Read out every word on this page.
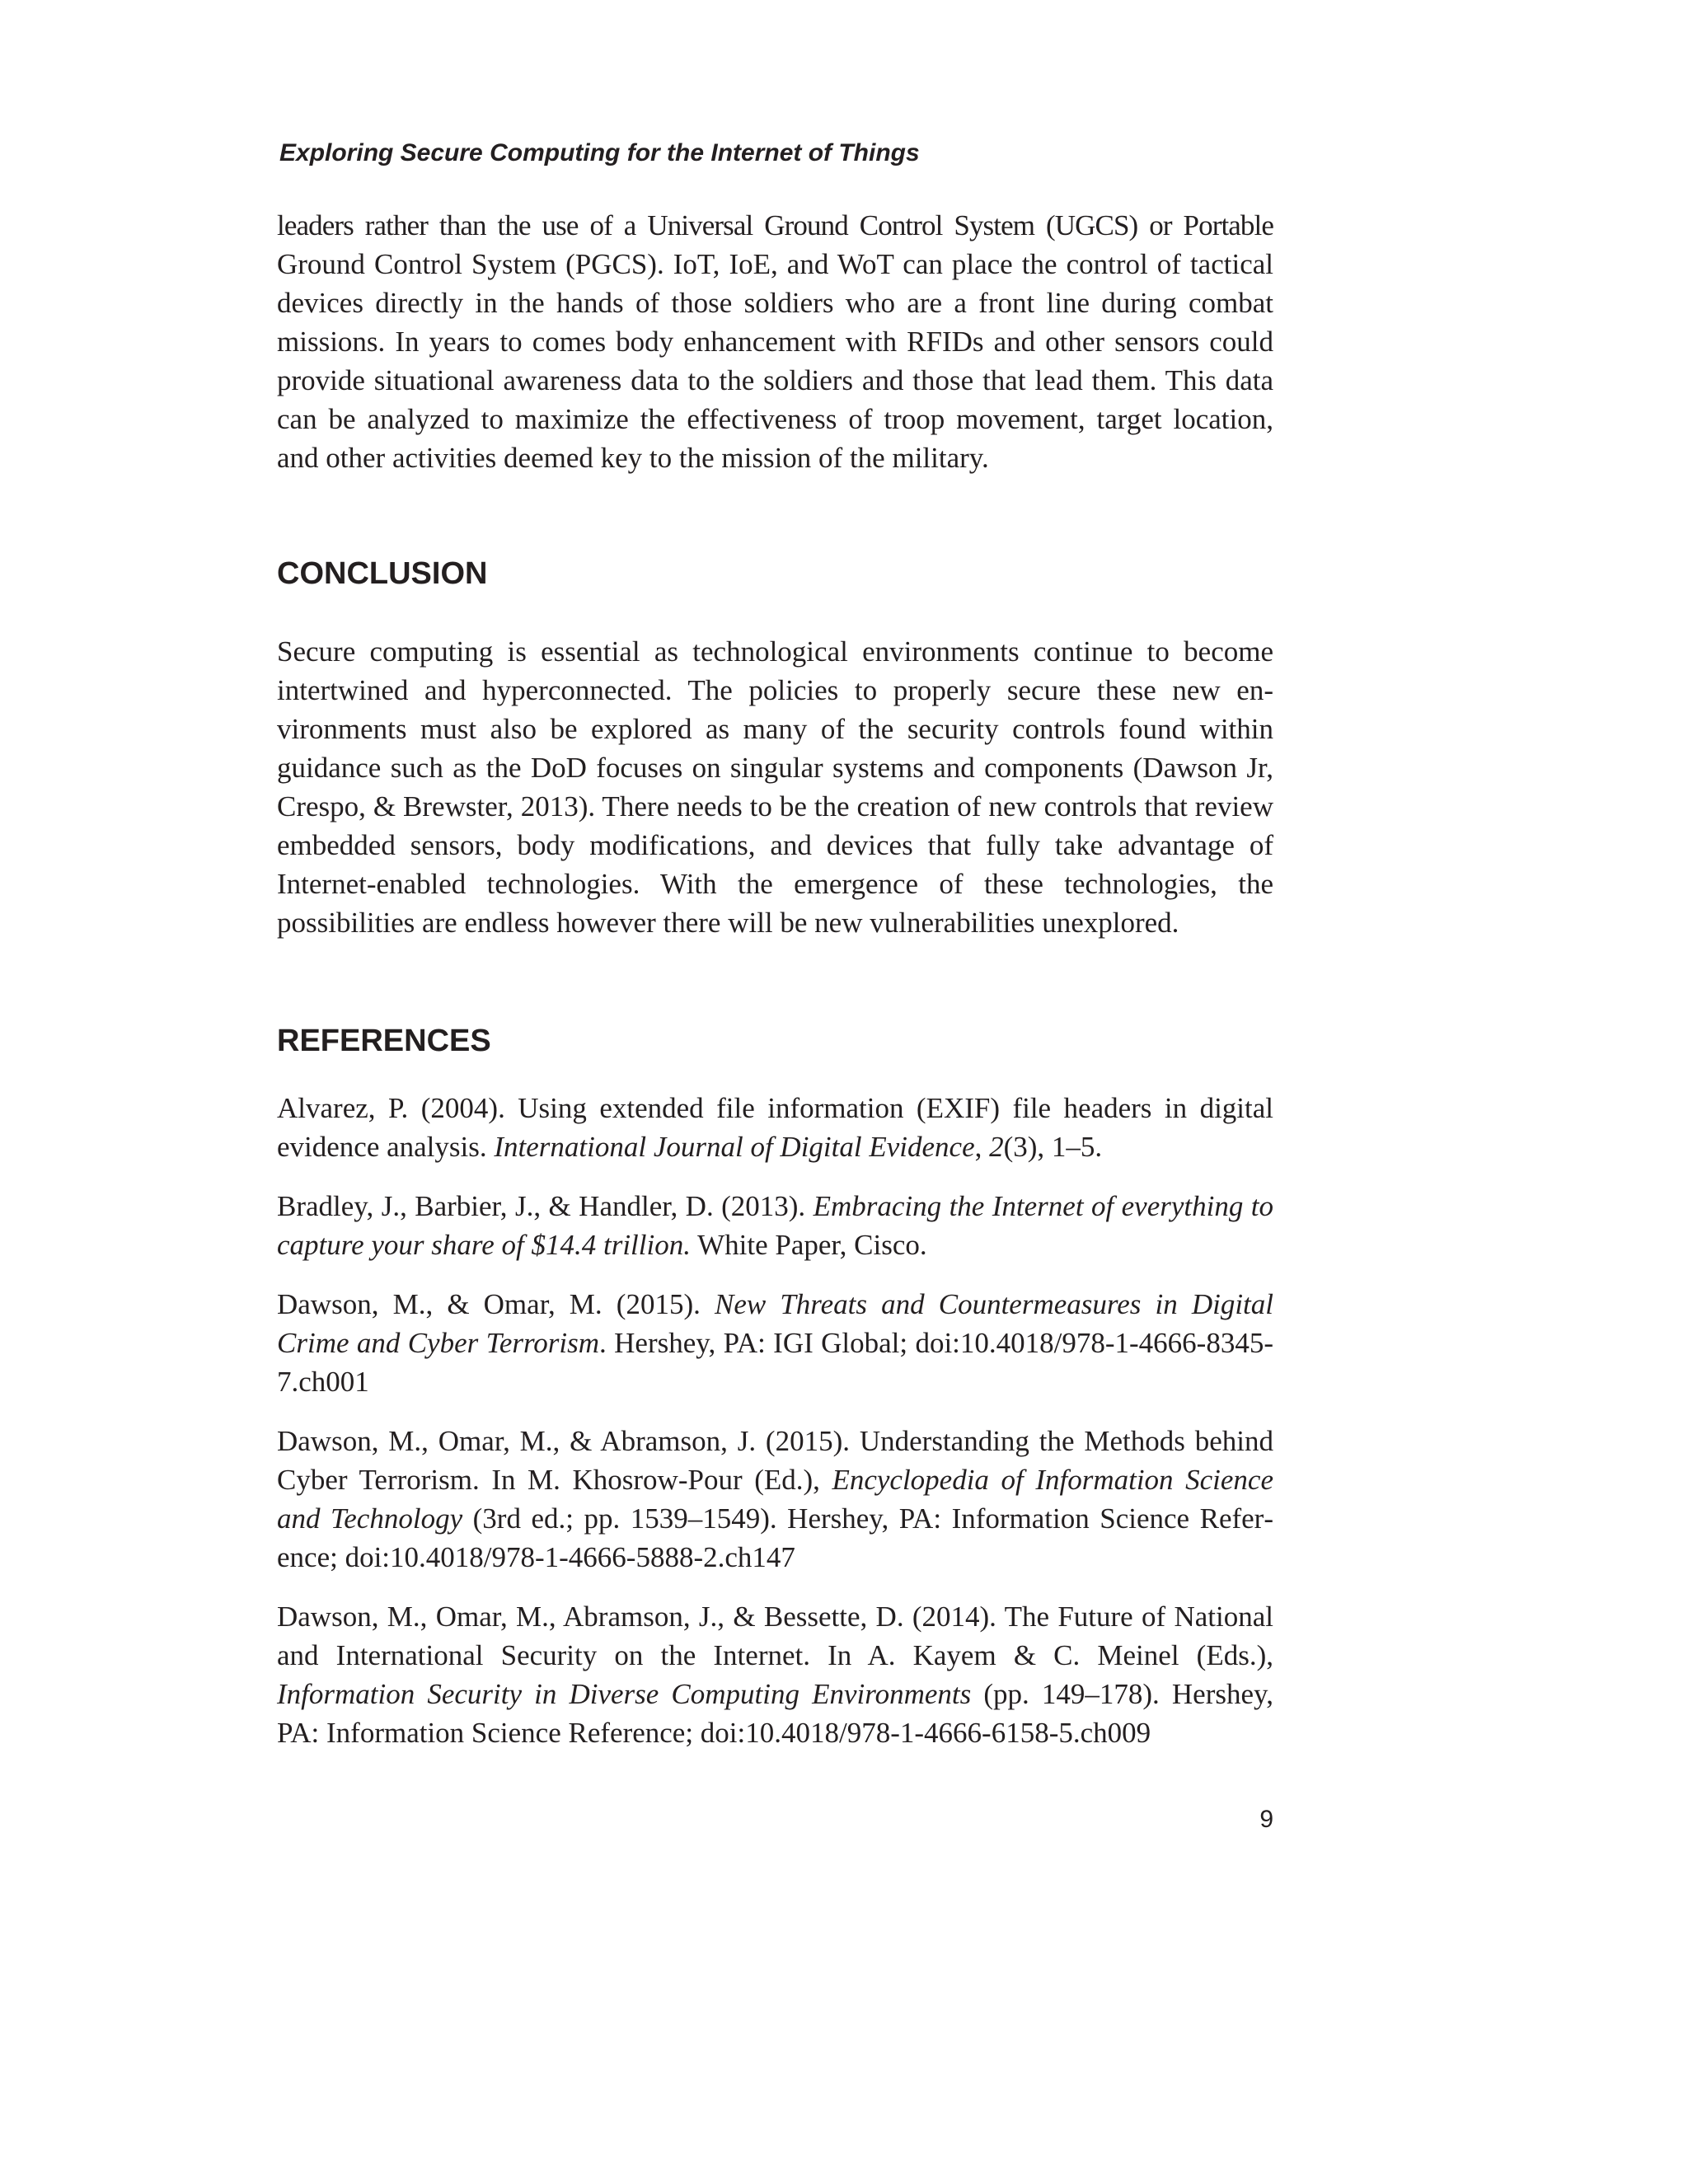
Exploring Secure Computing for the Internet of Things

leaders rather than the use of a Universal Ground Control System (UGCS) or Portable Ground Control System (PGCS). IoT, IoE, and WoT can place the control of tactical devices directly in the hands of those soldiers who are a front line during combat missions. In years to comes body enhancement with RFIDs and other sensors could provide situational awareness data to the soldiers and those that lead them. This data can be analyzed to maximize the effectiveness of troop movement, target location, and other activities deemed key to the mission of the military.

CONCLUSION

Secure computing is essential as technological environments continue to become intertwined and hyperconnected. The policies to properly secure these new environments must also be explored as many of the security controls found within guidance such as the DoD focuses on singular systems and components (Dawson Jr, Crespo, & Brewster, 2013). There needs to be the creation of new controls that review embedded sensors, body modifications, and devices that fully take advantage of Internet-enabled technologies. With the emergence of these technologies, the possibilities are endless however there will be new vulnerabilities unexplored.

REFERENCES

Alvarez, P. (2004). Using extended file information (EXIF) file headers in digital evidence analysis. International Journal of Digital Evidence, 2(3), 1–5.

Bradley, J., Barbier, J., & Handler, D. (2013). Embracing the Internet of everything to capture your share of $14.4 trillion. White Paper, Cisco.

Dawson, M., & Omar, M. (2015). New Threats and Countermeasures in Digital Crime and Cyber Terrorism. Hershey, PA: IGI Global; doi:10.4018/978-1-4666-8345-7.ch001

Dawson, M., Omar, M., & Abramson, J. (2015). Understanding the Methods behind Cyber Terrorism. In M. Khosrow-Pour (Ed.), Encyclopedia of Information Science and Technology (3rd ed.; pp. 1539–1549). Hershey, PA: Information Science Reference; doi:10.4018/978-1-4666-5888-2.ch147

Dawson, M., Omar, M., Abramson, J., & Bessette, D. (2014). The Future of National and International Security on the Internet. In A. Kayem & C. Meinel (Eds.), Information Security in Diverse Computing Environments (pp. 149–178). Hershey, PA: Information Science Reference; doi:10.4018/978-1-4666-6158-5.ch009

9
